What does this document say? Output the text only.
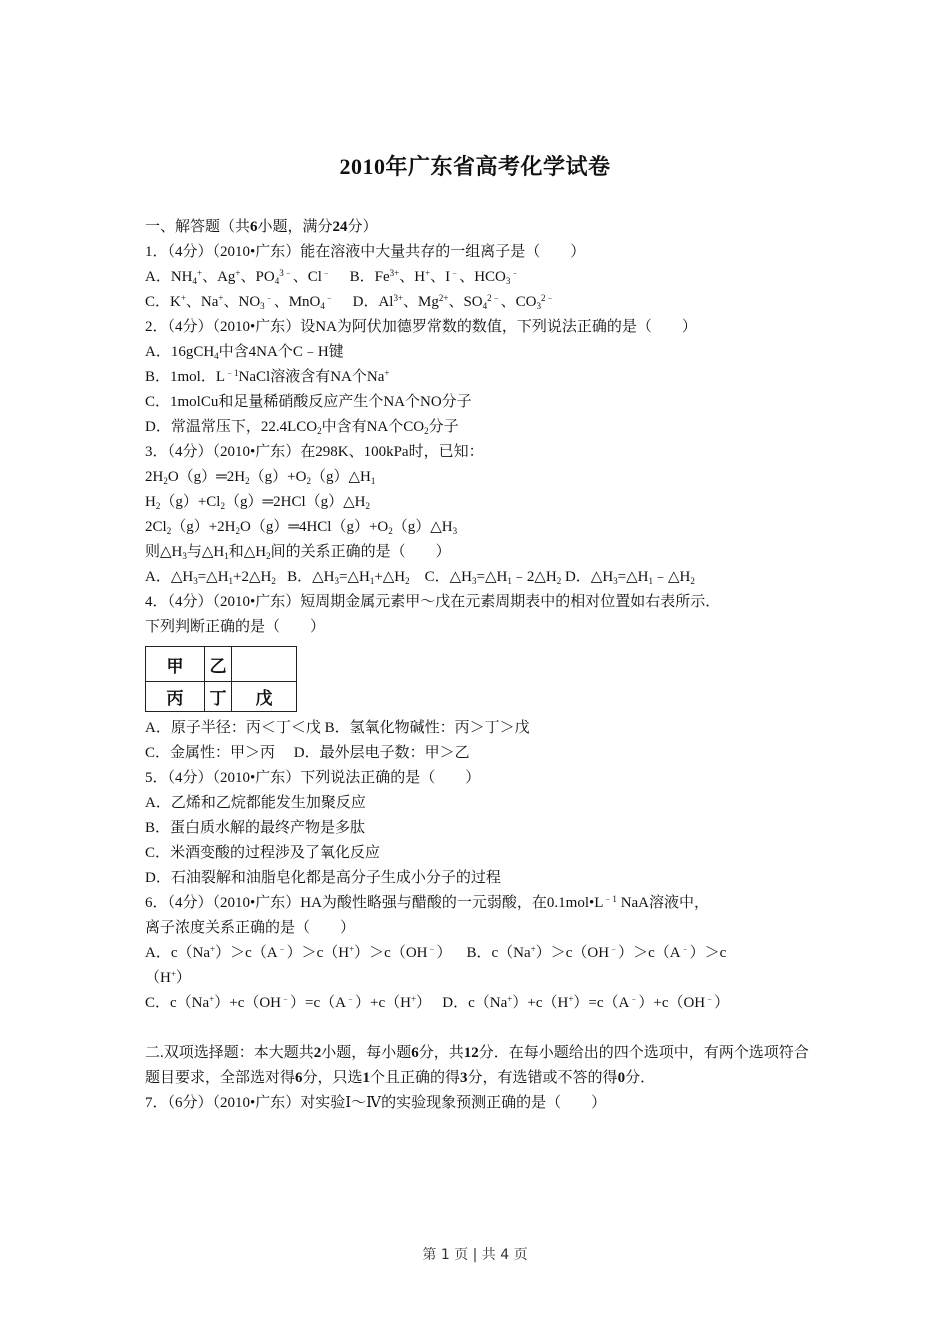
2010年广东省高考化学试卷
一、解答题（共6小题，满分24分）
1．（4分）（2010•广东）能在溶液中大量共存的一组离子是（　　）
A．$NH_4^+$、Ag+、$PO_4^{3﹣}$、Cl﹣　 B．$Fe^{3+}$、H+、I﹣、$HCO_3^﹣$
C．K+、Na+、$NO_3^﹣$、MnO$_4$﹣　 D．$Al^{3+}$、$Mg^{2+}$、$SO_4^{2﹣}$、$CO_3^{2﹣}$
2．（4分）（2010•广东）设NA为阿伏加德罗常数的数值，下列说法正确的是（　　）
A．16gCH$_4$中含4NA个C﹣H键
B．1mol．$L^{﹣1}NaCl$溶液含有NA个Na+
C．1molCu和足量稀硝酸反应产生个NA个NO分子
D．常温常压下，$22.4LCO_2$中含有NA个$CO_2$分子
3．（4分）（2010•广东）在298K、100kPa时，已知：
$2H_2O(g)═2H_2(g)+O_2(g)\triangle H_1$
$H_2(g)+Cl_2(g)═2HCl(g)\triangle H_2$
$2Cl_2(g)+2H_2O(g)═4HCl(g)+O_2(g)\triangle H_3$
则$\triangle H_3$与$\triangle H_1$和$\triangle H_2$间的关系正确的是（　　）
A．$\triangle H_3=\triangle H_1+2\triangle H_2$   B．$\triangle H_3=\triangle H_1+\triangle H_2$    C．$\triangle H_3=\triangle H_1﹣2\triangle H_2$ D．$\triangle H_3=\triangle H_1﹣\triangle H_2$
4．（4分）（2010•广东）短周期金属元素甲～戊在元素周期表中的相对位置如右表所示．
下列判断正确的是（　　）
甲	乙	
丙	丁	戊
A．原子半径：丙＜丁＜戊 B．氢氧化物碱性：丙＞丁＞戊
C．金属性：甲＞丙　 D．最外层电子数：甲＞乙
5．（4分）（2010•广东）下列说法正确的是（　　）
A．乙烯和乙烷都能发生加聚反应
B．蛋白质水解的最终产物是多肽
C．米酒变酸的过程涉及了氧化反应
D．石油裂解和油脂皂化都是高分子生成小分子的过程
6．（4分）（2010•广东）HA为酸性略强与醋酸的一元弱酸，在$0.1mol•L^{﹣1}$ NaA溶液中，
离子浓度关系正确的是（　　）
A．c（Na+）＞c（A﹣）＞c（H+）＞c（OH﹣）    B．c（Na+）＞c（OH﹣）＞c（A﹣）＞c
（H+）
C．c（Na+）+c（OH﹣）=c（A﹣）+c（H+）   D．c（Na+）+c（H+）=c（A﹣）+c（OH﹣）
二.双项选择题：本大题共2小题，每小题6分，共12分．在每小题给出的四个选项中，有两个选项符合题目要求，全部选对得6分，只选1个且正确的得3分，有选错或不答的得0分．
7．（6分）（2010•广东）对实验Ⅰ～Ⅳ的实验现象预测正确的是（　　）
第 1 页 | 共 4 页
